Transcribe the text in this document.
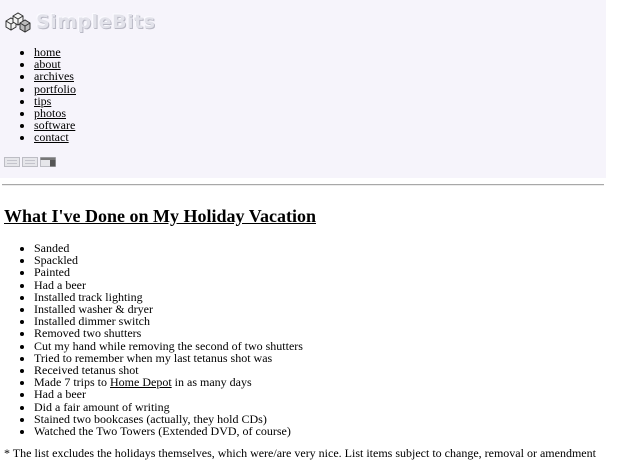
SimpleBits
• home
• about
• archives
• portfolio
• tips
• photos
• software
• contact
What I've Done on My Holiday Vacation
• Sanded
• Spackled
• Painted
• Had a beer
• Installed track lighting
• Installed washer & dryer
• Installed dimmer switch
• Removed two shutters
• Cut my hand while removing the second of two shutters
• Tried to remember when my last tetanus shot was
• Received tetanus shot
• Made 7 trips to Home Depot in as many days
• Had a beer
• Did a fair amount of writing
• Stained two bookcases (actually, they hold CDs)
• Watched the Two Towers (Extended DVD, of course)

* The list excludes the holidays themselves, which were/are very nice. List items subject to change, removal or amendment
